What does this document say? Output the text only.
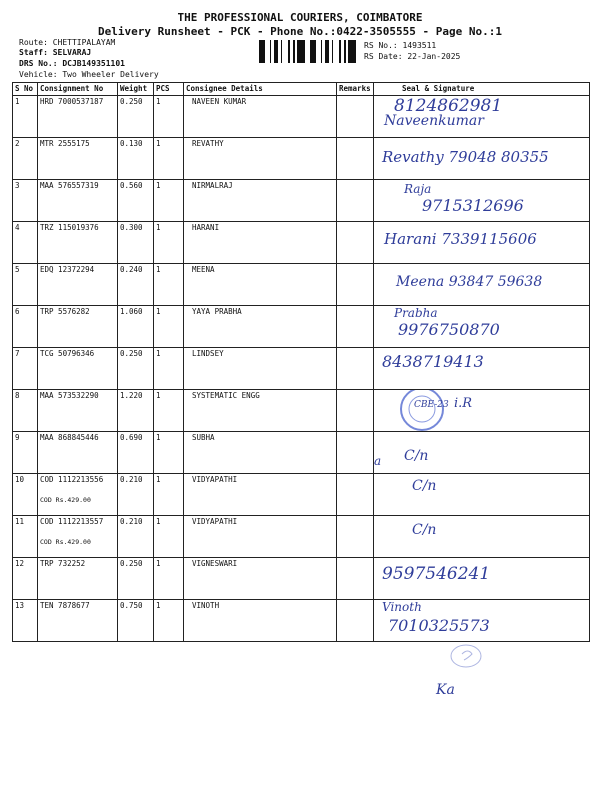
THE PROFESSIONAL COURIERS, COIMBATORE
Delivery Runsheet - PCK - Phone No.:0422-3505555 - Page No.:1
Route: CHETTIPALAYAM
Staff: SELVARAJ
DRS No.: DCJB149351101
Vehicle: Two Wheeler Delivery
RS No.: 1493511
RS Date: 22-Jan-2025
S No	Consignment No	Weight	PCS	Consignee Details	Remarks	Seal & Signature
1	HRD 7000537187	0.250	1	NAVEEN KUMAR		8124862981
Naveenkumar

2	MTR 2555175	0.130	1	REVATHY		Revathy 79048 80355

3	MAA 576557319	0.560	1	NIRMALRAJ		Raja
9715312696

4	TRZ 115019376	0.300	1	HARANI		Harani 7339115606

5	EDQ 12372294	0.240	1	MEENA		Meena 93847 59638

6	TRP 5576282	1.060	1	YAYA PRABHA		Prabha
9976750870

7	TCG 50796346	0.250	1	LINDSEY		8438719413

8	MAA 573532290	1.220	1	SYSTEMATIC ENGG		CBE-23 i.R

9	MAA 868845446	0.690	1	SUBHA		C/n
a

10	COD 1112213556
COD Rs.429.00	0.210	1	VIDYAPATHI		C/n

11	COD 1112213557
COD Rs.429.00	0.210	1	VIDYAPATHI		C/n

12	TRP 732252	0.250	1	VIGNESWARI		9597546241

13	TEN 7878677	0.750	1	VINOTH		Vinoth
7010325573
Ka
